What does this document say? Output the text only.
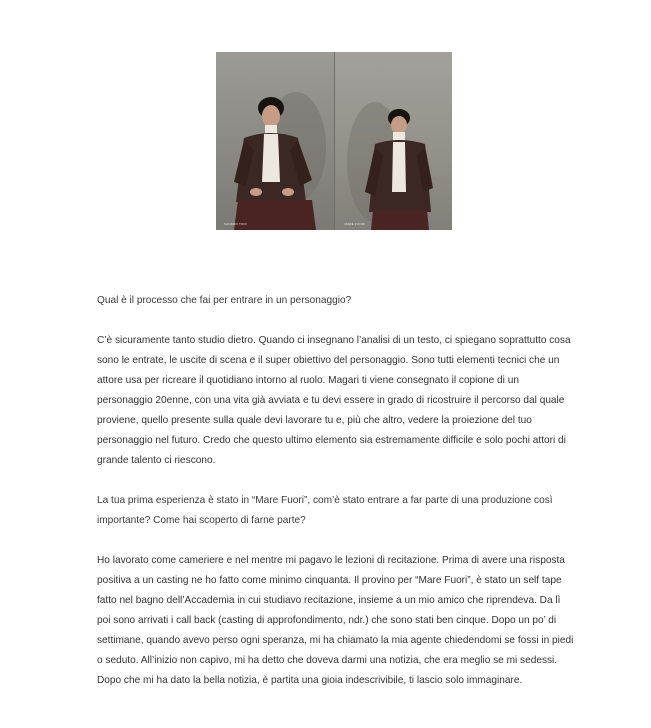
SANDRO TONI	MARE FUORI

Qual è il processo che fai per entrare in un personaggio?

C’è sicuramente tanto studio dietro. Quando ci insegnano l’analisi di un testo, ci spiegano soprattutto cosa sono le entrate, le uscite di scena e il super obiettivo del personaggio. Sono tutti elementi tecnici che un attore usa per ricreare il quotidiano intorno al ruolo. Magari ti viene consegnato il copione di un personaggio 20enne, con una vita già avviata e tu devi essere in grado di ricostruire il percorso dal quale proviene, quello presente sulla quale devi lavorare tu e, più che altro, vedere la proiezione del tuo personaggio nel futuro. Credo che questo ultimo elemento sia estremamente difficile e solo pochi attori di grande talento ci riescono.

La tua prima esperienza è stato in “Mare Fuori”, com’è stato entrare a far parte di una produzione così importante? Come hai scoperto di farne parte?

Ho lavorato come cameriere e nel mentre mi pagavo le lezioni di recitazione. Prima di avere una risposta positiva a un casting ne ho fatto come minimo cinquanta. Il provino per “Mare Fuori”, è stato un self tape fatto nel bagno dell’Accademia in cui studiavo recitazione, insieme a un mio amico che riprendeva. Da lì poi sono arrivati i call back (casting di approfondimento, ndr.) che sono stati ben cinque. Dopo un po’ di settimane, quando avevo perso ogni speranza, mi ha chiamato la mia agente chiedendomi se fossi in piedi o seduto. All’inizio non capivo, mi ha detto che doveva darmi una notizia, che era meglio se mi sedessi. Dopo che mi ha dato la bella notizia, è partita una gioia indescrivibile, ti lascio solo immaginare.
